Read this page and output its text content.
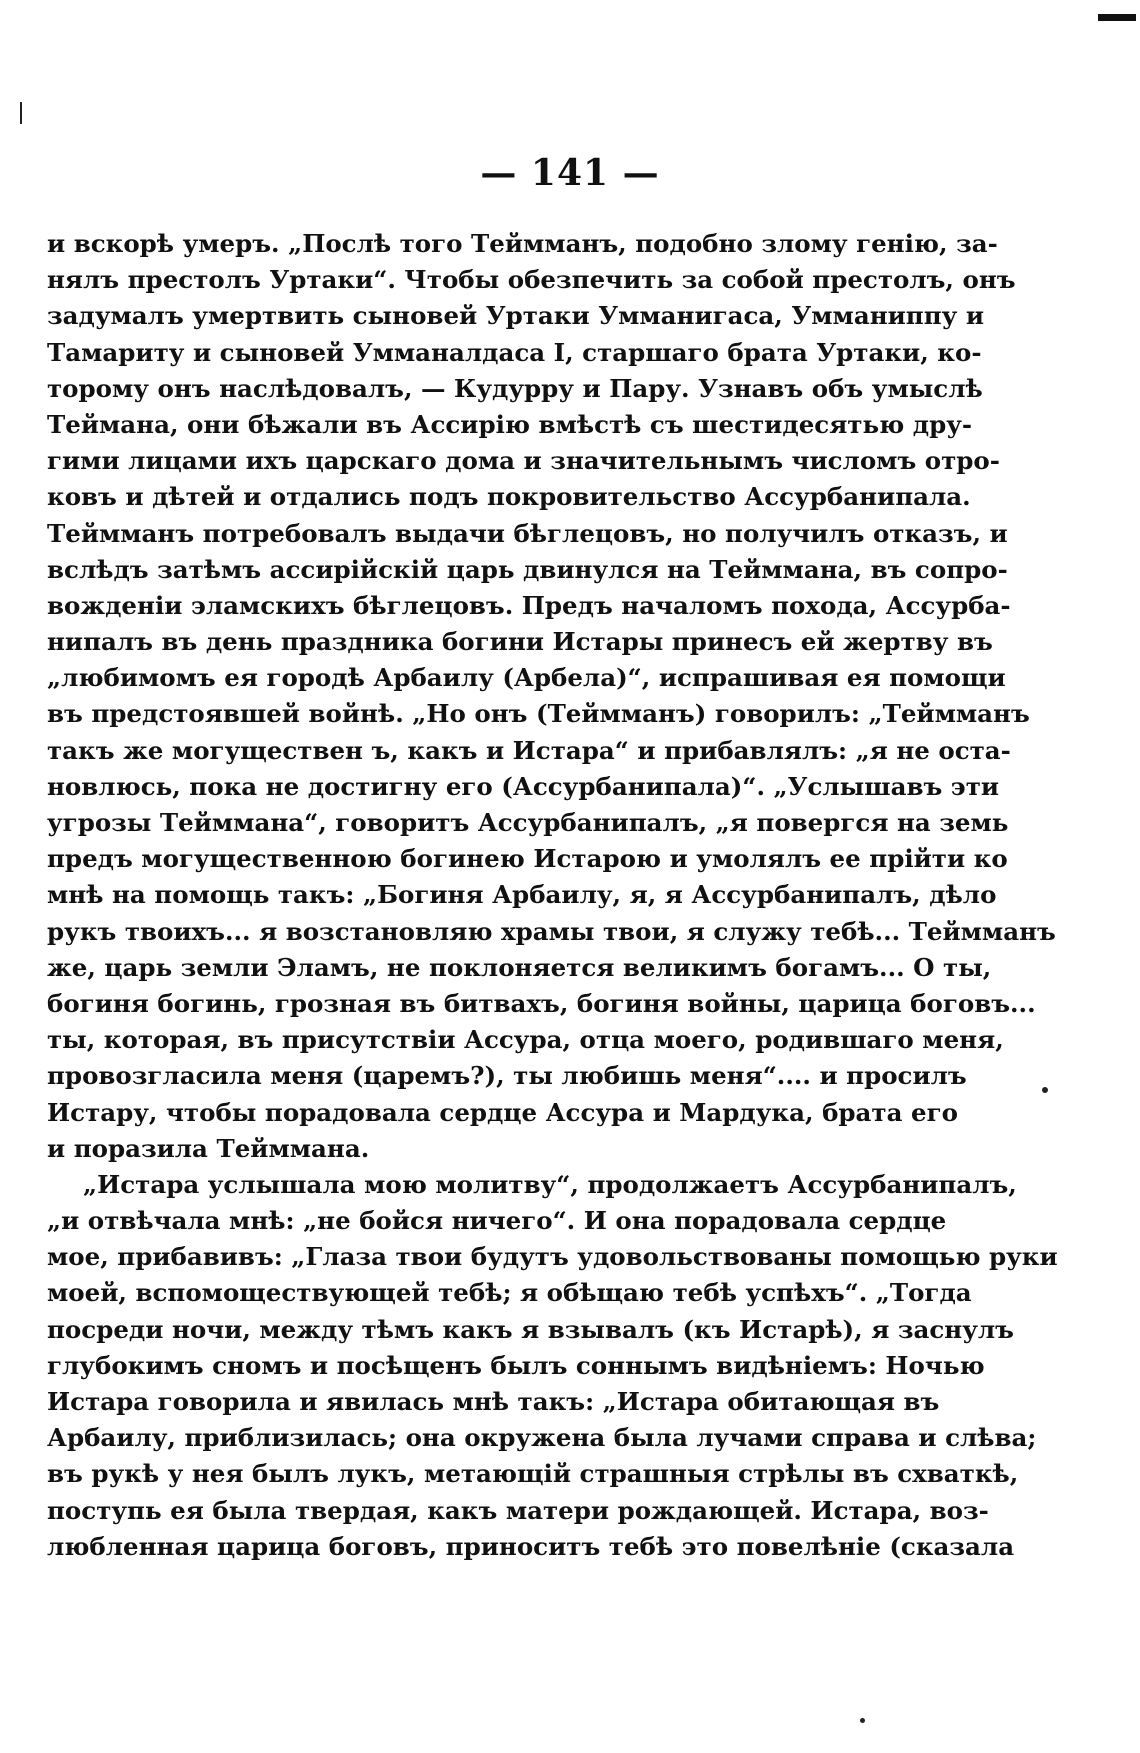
— 141 —
и вскорѣ умеръ. „Послѣ того Теймманъ, подобно злому генію, за-
нялъ престолъ Уртаки“. Чтобы обезпечить за собой престолъ, онъ
задумалъ умертвить сыновей Уртаки Умманигаса, Умманиппу и
Тамариту и сыновей Умманалдаса I, старшаго брата Уртаки, ко-
торому онъ наслѣдовалъ, — Кудурру и Пару. Узнавъ объ умыслѣ
Теймана, они бѣжали въ Ассирію вмѣстѣ съ шестидесятью дру-
гими лицами ихъ царскаго дома и значительнымъ числомъ отро-
ковъ и дѣтей и отдались подъ покровительство Ассурбанипала.
Теймманъ потребовалъ выдачи бѣглецовъ, но получилъ отказъ, и
вслѣдъ затѣмъ ассирійскій царь двинулся на Тейммана, въ сопро-
вожденіи эламскихъ бѣглецовъ. Предъ началомъ похода, Ассурба-
нипалъ въ день праздника богини Истары принесъ ей жертву въ
„любимомъ ея городѣ Арбаилу (Арбела)“, испрашивая ея помощи
въ предстоявшей войнѣ. „Но онъ (Теймманъ) говорилъ: „Теймманъ
такъ же могуществен ъ, какъ и Истара“ и прибавлялъ: „я не оста-
новлюсь, пока не достигну его (Ассурбанипала)“. „Услышавъ эти
угрозы Тейммана“, говоритъ Ассурбанипалъ, „я повергся на земь
предъ могущественною богинею Истарою и умолялъ ее прійти ко
мнѣ на помощь такъ: „Богиня Арбаилу, я, я Ассурбанипалъ, дѣло
рукъ твоихъ... я возстановляю храмы твои, я служу тебѣ... Теймманъ
же, царь земли Эламъ, не поклоняется великимъ богамъ... О ты,
богиня богинь, грозная въ битвахъ, богиня войны, царица боговъ...
ты, которая, въ присутствіи Ассура, отца моего, родившаго меня,
провозгласила меня (царемъ?), ты любишь меня“.... и просилъ
Истару, чтобы порадовала сердце Ассура и Мардука, брата его
и поразила Тейммана.
„Истара услышала мою молитву“, продолжаетъ Ассурбанипалъ,
„и отвѣчала мнѣ: „не бойся ничего“. И она порадовала сердце
мое, прибавивъ: „Глаза твои будутъ удовольствованы помощью руки
моей, вспомоществующей тебѣ; я обѣщаю тебѣ успѣхъ“. „Тогда
посреди ночи, между тѣмъ какъ я взывалъ (къ Истарѣ), я заснулъ
глубокимъ сномъ и посѣщенъ былъ соннымъ видѣніемъ: Ночью
Истара говорила и явилась мнѣ такъ: „Истара обитающая въ
Арбаилу, приблизилась; она окружена была лучами справа и слѣва;
въ рукѣ у нея былъ лукъ, метающій страшныя стрѣлы въ схваткѣ,
поступь ея была твердая, какъ матери рождающей. Истара, воз-
любленная царица боговъ, приноситъ тебѣ это повелѣніе (сказала
